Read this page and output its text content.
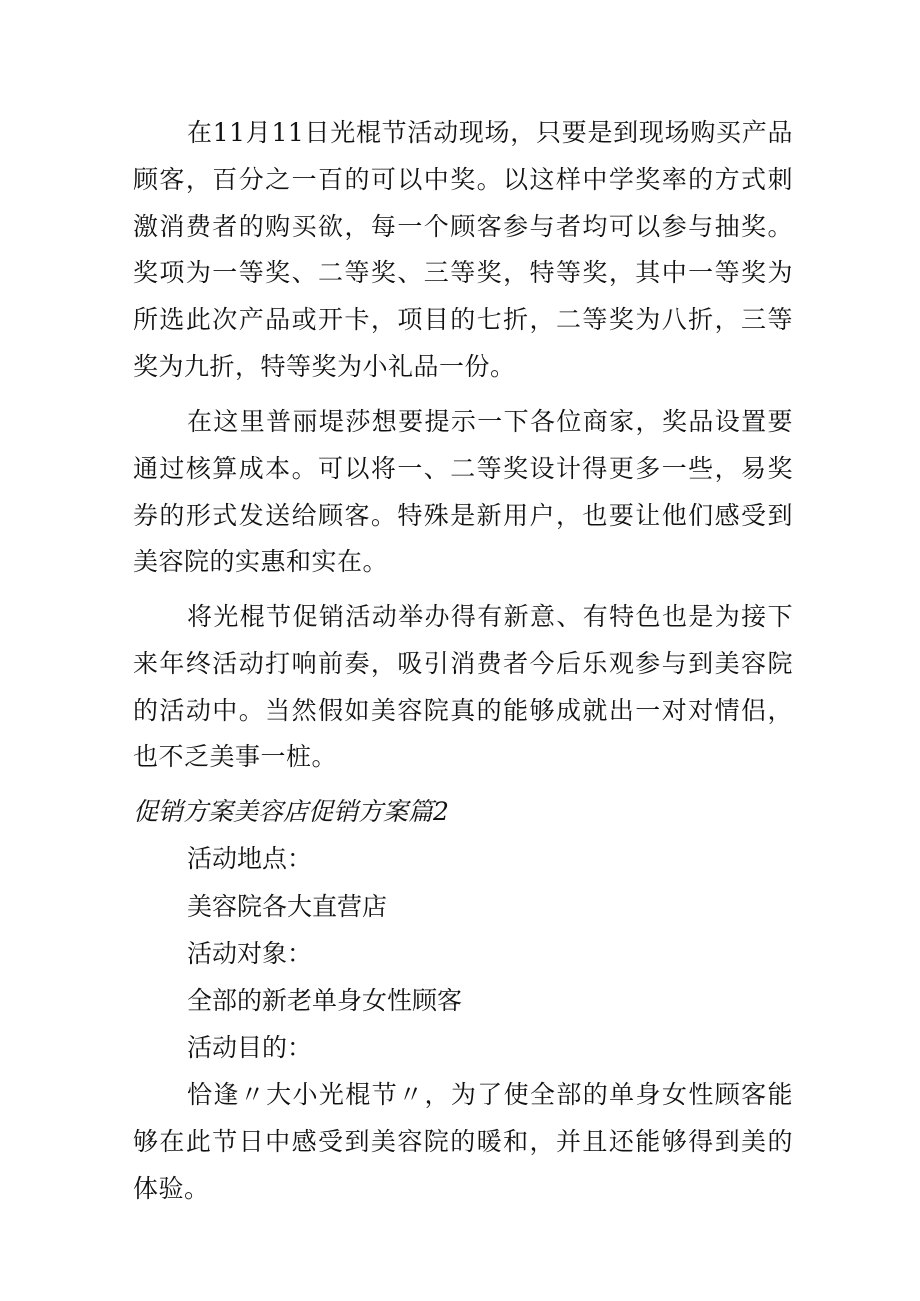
在11月11日光棍节活动现场，只要是到现场购买产品顾客，百分之一百的可以中奖。以这样中学奖率的方式刺激消费者的购买欲，每一个顾客参与者均可以参与抽奖。奖项为一等奖、二等奖、三等奖，特等奖，其中一等奖为所选此次产品或开卡，项目的七折，二等奖为八折，三等奖为九折，特等奖为小礼品一份。

在这里普丽堤莎想要提示一下各位商家，奖品设置要通过核算成本。可以将一、二等奖设计得更多一些，易奖券的形式发送给顾客。特殊是新用户，也要让他们感受到美容院的实惠和实在。

将光棍节促销活动举办得有新意、有特色也是为接下来年终活动打响前奏，吸引消费者今后乐观参与到美容院的活动中。当然假如美容院真的能够成就出一对对情侣，也不乏美事一桩。

促销方案美容店促销方案篇2

活动地点：

美容院各大直营店

活动对象：

全部的新老单身女性顾客

活动目的：

恰逢〃大小光棍节〃，为了使全部的单身女性顾客能够在此节日中感受到美容院的暖和，并且还能够得到美的体验。
